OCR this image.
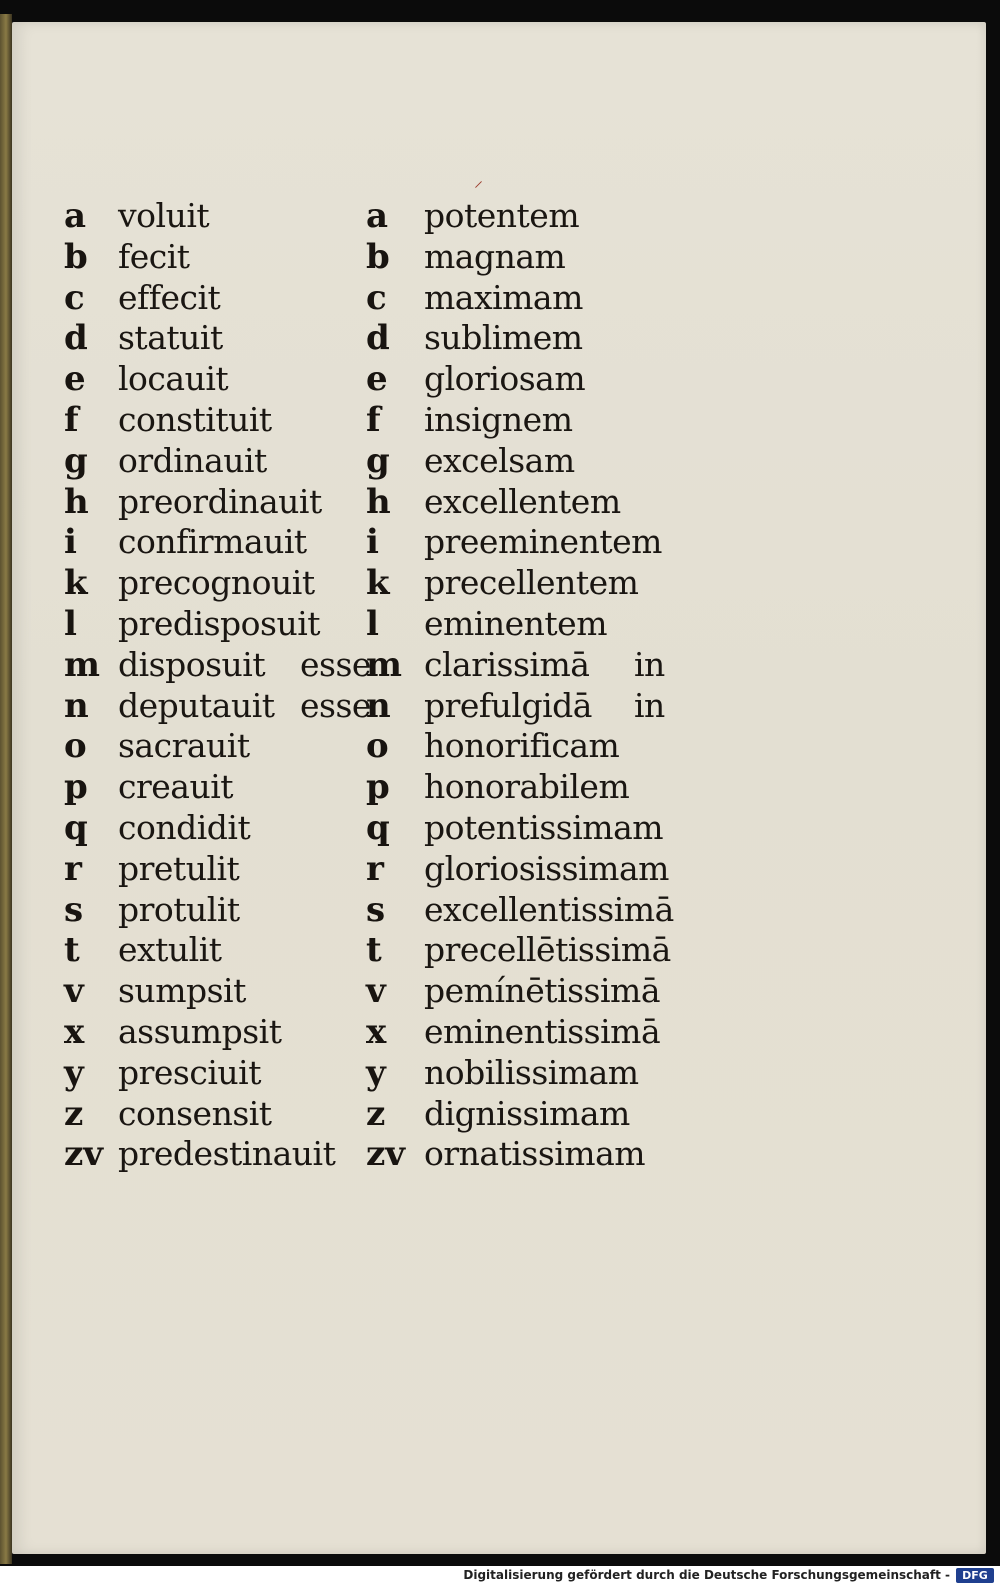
⸍
a
b
c
d
e
f
g
h
i
k
l
m
n
o
p
q
r
s
t
v
x
y
z
zv
voluit
fecit
effecit
statuit
locauit
constituit
ordinauit
preordinauit
confirmauit
precognouit
predisposuit
disposuit
deputauit
sacrauit
creauit
condidit
pretulit
protulit
extulit
sumpsit
assumpsit
presciuit
consensit
predestinauit
esse
esse
a
b
c
d
e
f
g
h
i
k
l
m
n
o
p
q
r
s
t
v
x
y
z
zv
potentem
magnam
maximam
sublimem
gloriosam
insignem
excelsam
excellentem
preeminentem
precellentem
eminentem
clarissimā
prefulgidā
honorificam
honorabilem
potentissimam
gloriosissimam
excellentissimā
precellētissimā
pemínētissimā
eminentissimā
nobilissimam
dignissimam
ornatissimam
in
in
Digitalisierung gefördert durch die Deutsche Forschungsgemeinschaft -	DFG
